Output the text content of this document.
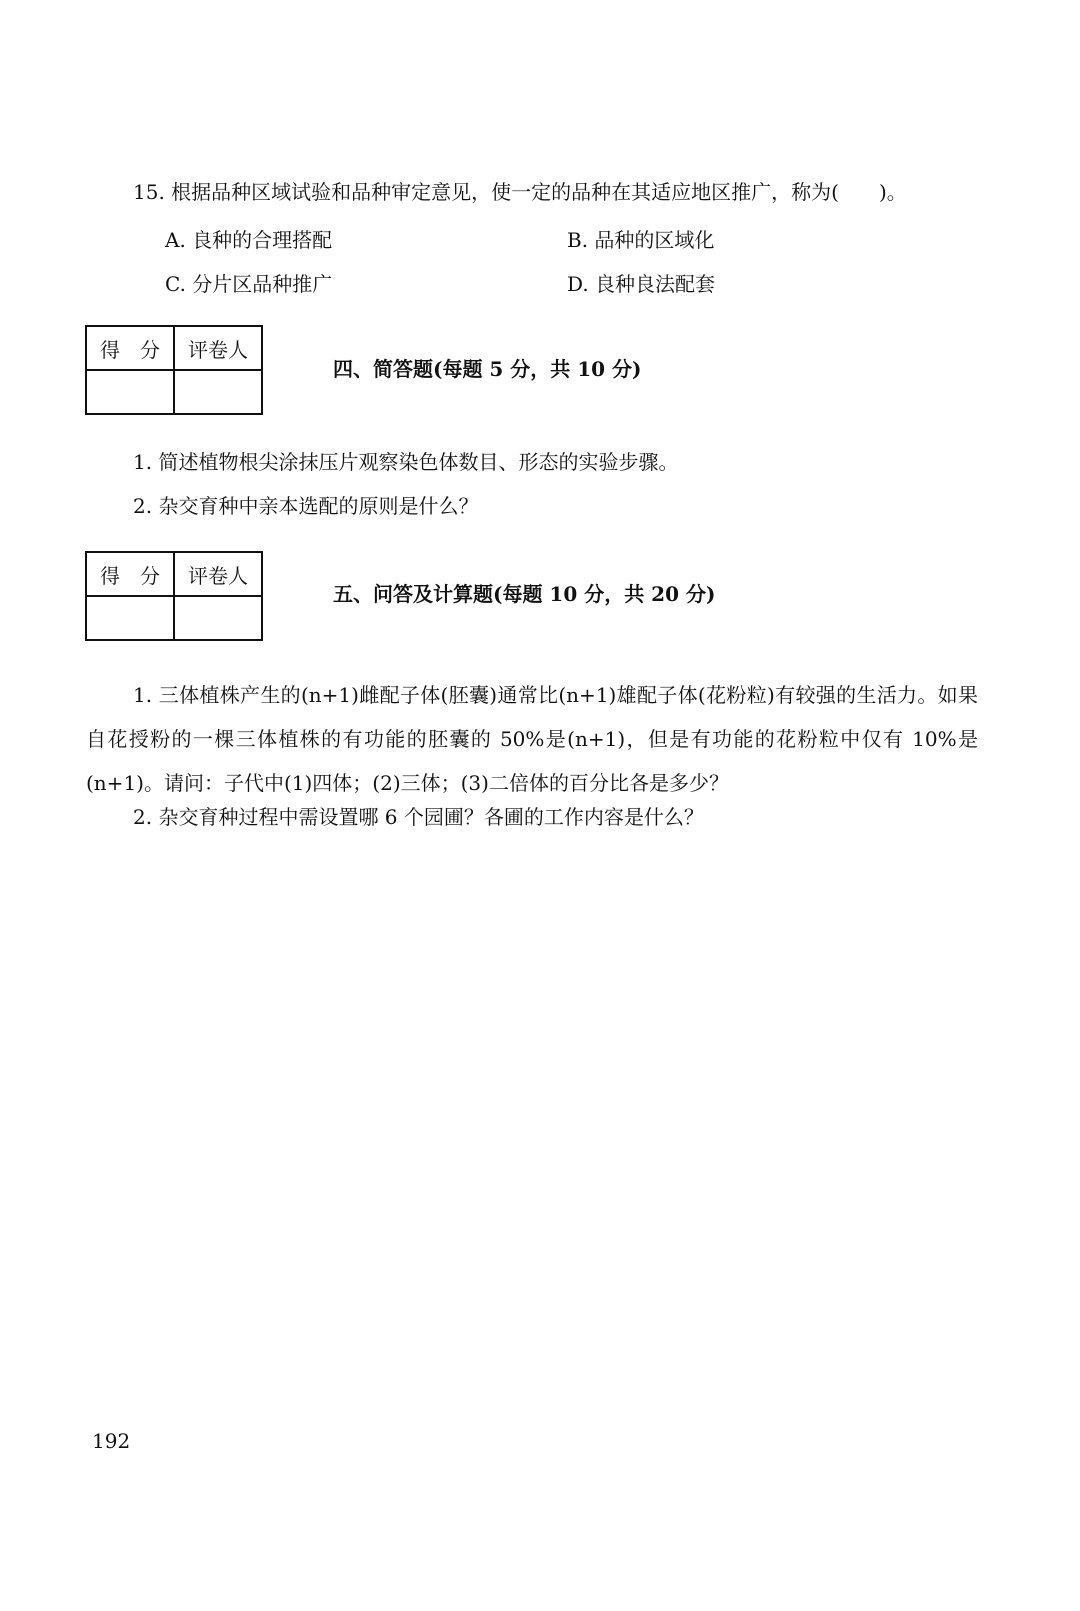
15. 根据品种区域试验和品种审定意见，使一定的品种在其适应地区推广，称为(　　)。
A. 良种的合理搭配	B. 品种的区域化
C. 分片区品种推广	D. 良种良法配套
得　分	评卷人

四、简答题(每题 5 分，共 10 分)
1. 简述植物根尖涂抹压片观察染色体数目、形态的实验步骤。
2. 杂交育种中亲本选配的原则是什么？
得　分	评卷人

五、问答及计算题(每题 10 分，共 20 分)
1. 三体植株产生的(n+1)雌配子体(胚囊)通常比(n+1)雄配子体(花粉粒)有较强的生活力。如果自花授粉的一棵三体植株的有功能的胚囊的 50%是(n+1)，但是有功能的花粉粒中仅有 10%是(n+1)。请问：子代中(1)四体；(2)三体；(3)二倍体的百分比各是多少？
2. 杂交育种过程中需设置哪 6 个园圃？各圃的工作内容是什么？
192
